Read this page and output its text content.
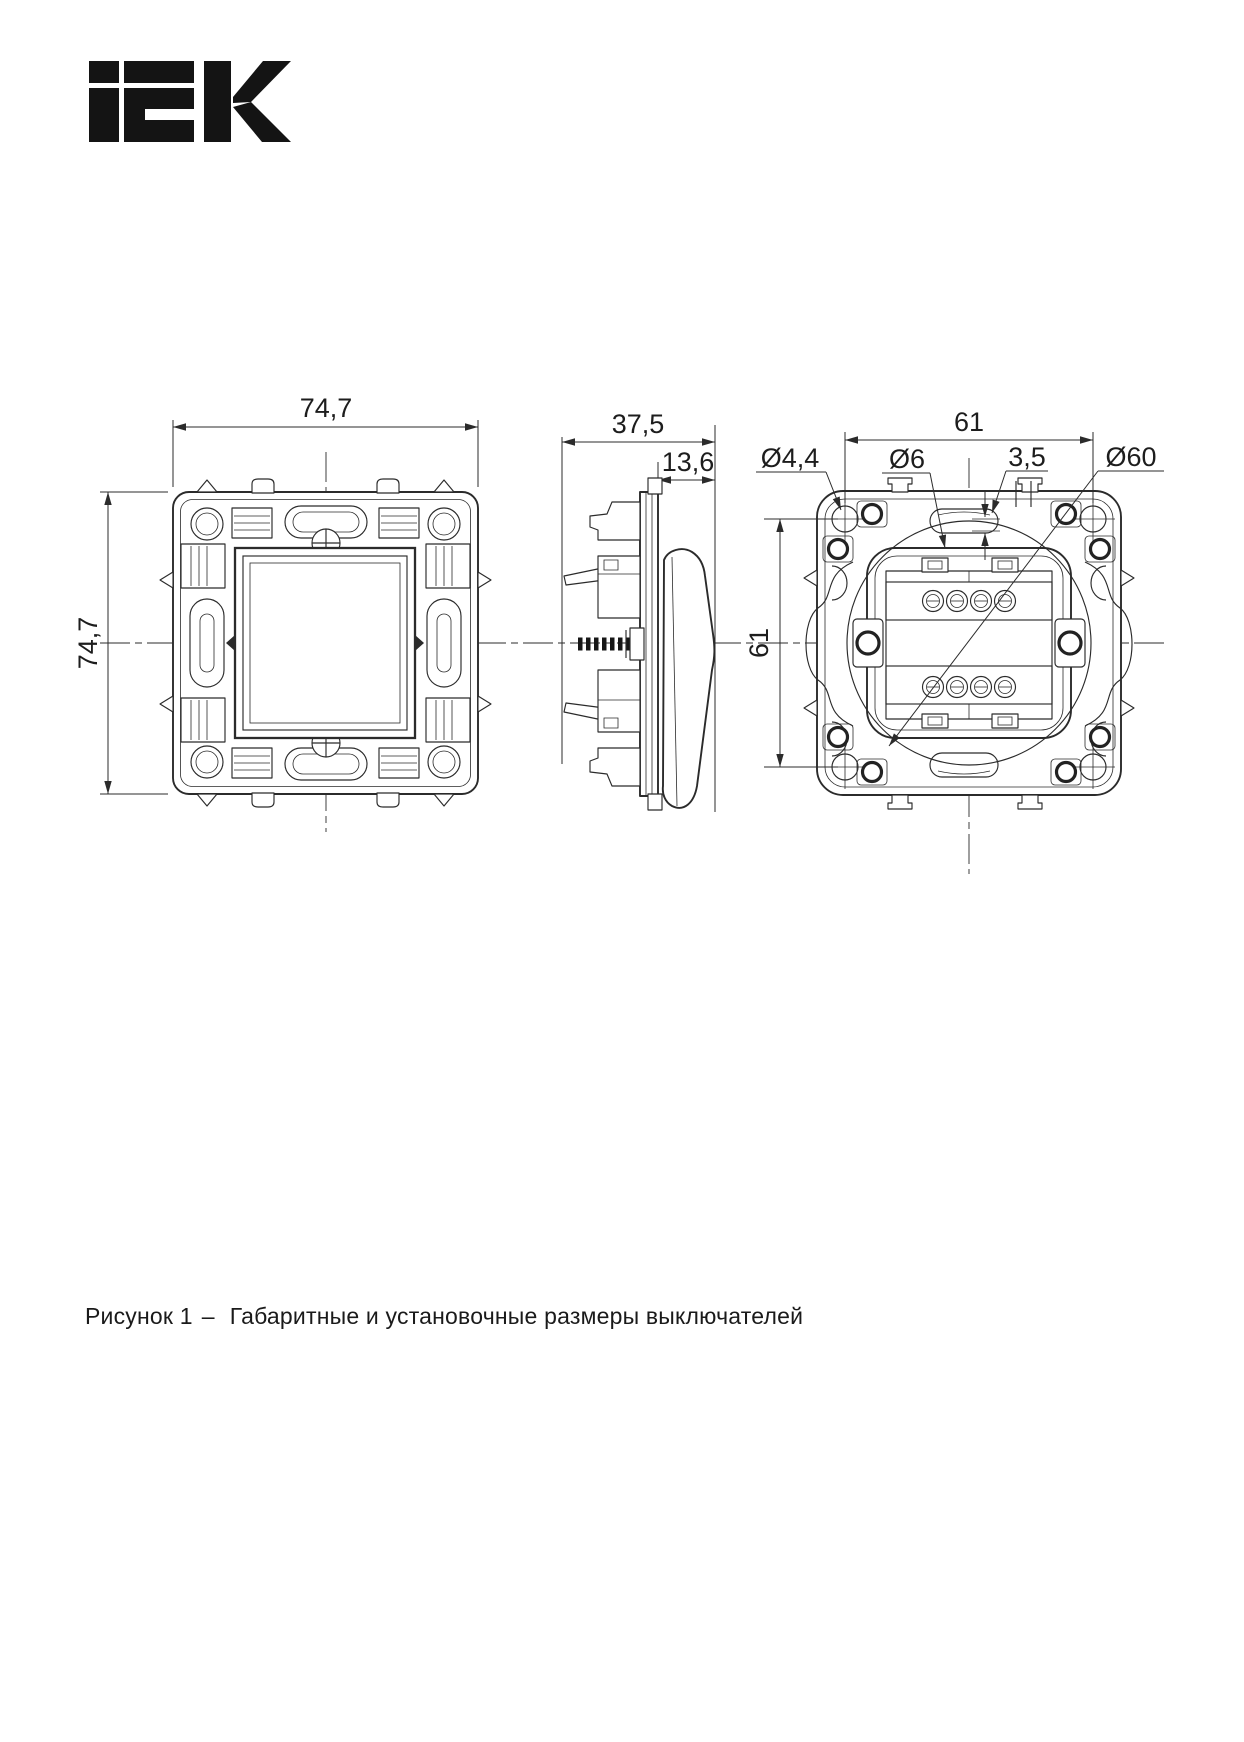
74,7
74,7
37,5
13,6
61
61
Ø4,4	Ø6	3,5 Ø60
Рисунок 1 – Габаритные и установочные размеры выключателей
